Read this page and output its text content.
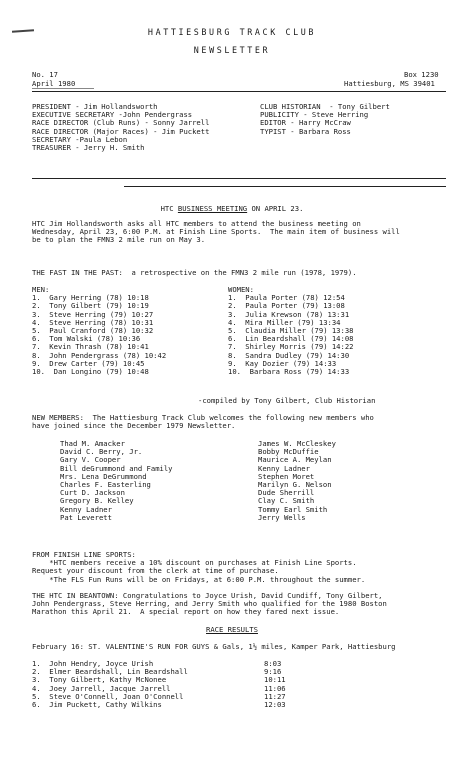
HATTIESBURG TRACK CLUB
NEWSLETTER
No. 17
April 1980
Box 1230
Hattiesburg, MS 39401
PRESIDENT - Jim Hollandsworth
EXECUTIVE SECRETARY -John Pendergrass
RACE DIRECTOR (Club Runs) - Sonny Jarrell
RACE DIRECTOR (Major Races) - Jim Puckett
SECRETARY -Paula Lebon
TREASURER - Jerry H. Smith
CLUB HISTORIAN  - Tony Gilbert
PUBLICITY - Steve Herring
EDITOR - Harry McCraw
TYPIST - Barbara Ross
HTC BUSINESS MEETING ON APRIL 23.
HTC Jim Hollandsworth asks all HTC members to attend the business meeting on
Wednesday, April 23, 6:00 P.M. at Finish Line Sports.  The main item of business will
be to plan the FMN3 2 mile run on May 3.
THE FAST IN THE PAST:  a retrospective on the FMN3 2 mile run (1978, 1979).
MEN:
1.  Gary Herring (78) 10:18
2.  Tony Gilbert (79) 10:19
3.  Steve Herring (79) 10:27
4.  Steve Herring (78) 10:31
5.  Paul Cranford (78) 10:32
6.  Tom Walski (78) 10:36
7.  Kevin Thrash (78) 10:41
8.  John Pendergrass (78) 10:42
9.  Drew Carter (79) 10:45
10.  Dan Longino (79) 10:48
WOMEN:
1.  Paula Porter (78) 12:54
2.  Paula Porter (79) 13:08
3.  Julia Krewson (78) 13:31
4.  Mira Miller (79) 13:34
5.  Claudia Miller (79) 13:38
6.  Lin Beardshall (79) 14:08
7.  Shirley Morris (79) 14:22
8.  Sandra Dudley (79) 14:30
9.  Kay Dozier (79) 14:33
10.  Barbara Ross (79) 14:33
-compiled by Tony Gilbert, Club Historian
NEW MEMBERS:  The Hattiesburg Track Club welcomes the following new members who
have joined since the December 1979 Newsletter.
Thad M. Amacker
David C. Berry, Jr.
Gary V. Cooper
Bill deGrummond and Family
Mrs. Lena DeGrummond
Charles F. Easterling
Curt D. Jackson
Gregory B. Kelley
Kenny Ladner
Pat Leverett
James W. McCleskey
Bobby McDuffie
Maurice A. Meylan
Kenny Ladner
Stephen Moret
Marilyn G. Nelson
Dude Sherrill
Clay C. Smith
Tommy Earl Smith
Jerry Wells
FROM FINISH LINE SPORTS:
*HTC members receive a 10% discount on purchases at Finish Line Sports.
Request your discount from the clerk at time of purchase.
*The FLS Fun Runs will be on Fridays, at 6:00 P.M. throughout the summer.
THE HTC IN BEANTOWN: Congratulations to Joyce Urish, David Cundiff, Tony Gilbert,
John Pendergrass, Steve Herring, and Jerry Smith who qualified for the 1980 Boston
Marathon this April 21.  A special report on how they fared next issue.
RACE RESULTS
February 16: ST. VALENTINE'S RUN FOR GUYS & Gals, 1½ miles, Kamper Park, Hattiesburg
1.  John Hendry, Joyce Urish
2.  Elmer Beardshall, Lin Beardshall
3.  Tony Gilbert, Kathy McNonee
4.  Joey Jarrell, Jacque Jarrell
5.  Steve O'Connell, Joan O'Connell
6.  Jim Puckett, Cathy Wilkins
8:03
9:16
10:11
11:06
11:27
12:03
